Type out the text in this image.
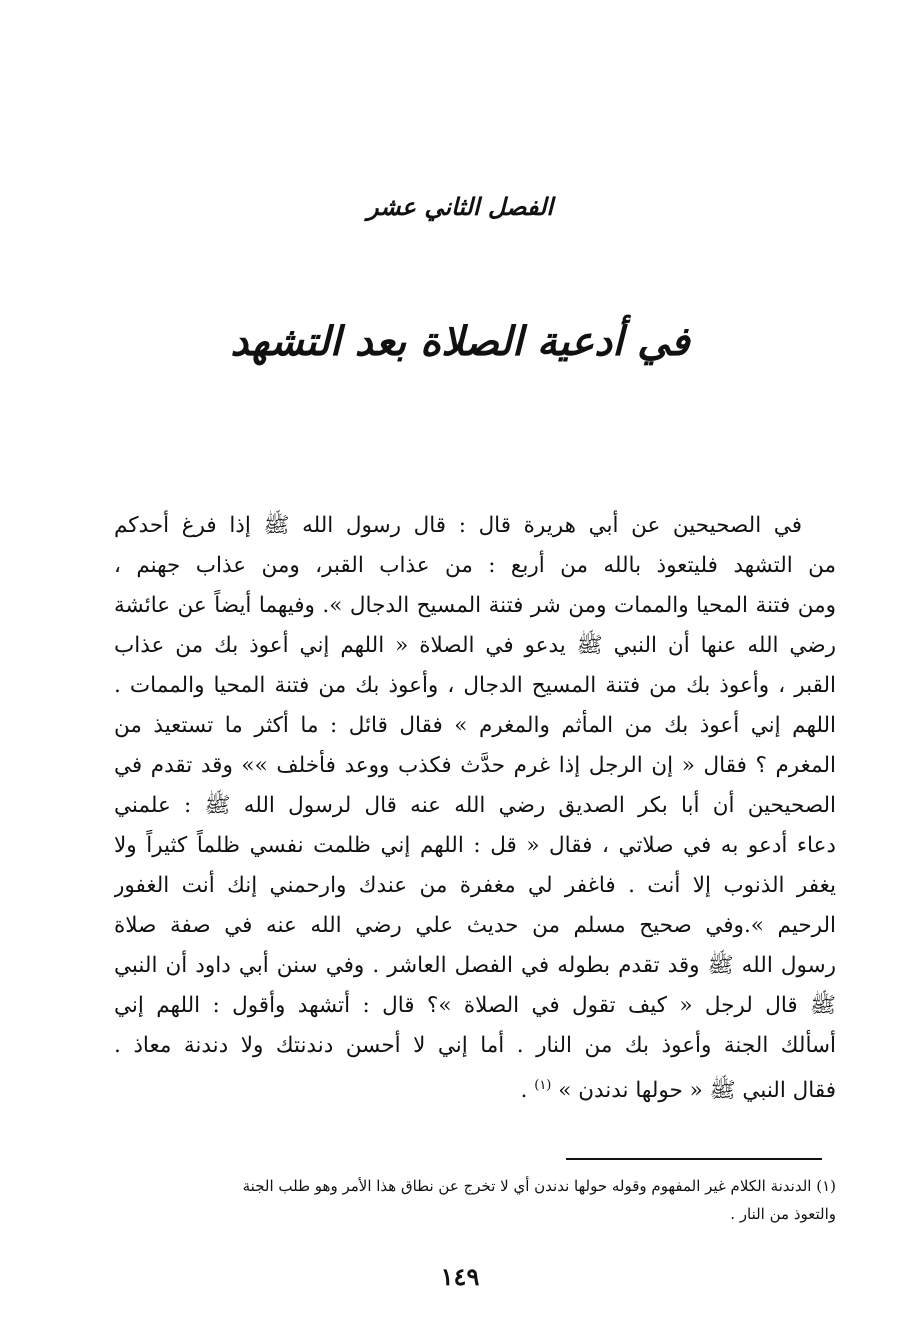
الفصل الثاني عشر
في أدعية الصلاة بعد التشهد
في الصحيحين عن أبي هريرة قال : قال رسول الله ﷺ إذا فرغ أحدكم
من التشهد فليتعوذ بالله من أربع : من عذاب القبر، ومن عذاب جهنم ،
ومن فتنة المحيا والممات ومن شر فتنة المسيح الدجال ». وفيهما أيضاً عن عائشة
رضي الله عنها أن النبي ﷺ يدعو في الصلاة « اللهم إني أعوذ بك من عذاب
القبر ، وأعوذ بك من فتنة المسيح الدجال ، وأعوذ بك من فتنة المحيا والممات .
اللهم إني أعوذ بك من المأثم والمغرم » فقال قائل : ما أكثر ما تستعيذ من
المغرم ؟ فقال « إن الرجل إذا غرم حدَّث فكذب ووعد فأخلف »» وقد تقدم في
الصحيحين أن أبا بكر الصديق رضي الله عنه قال لرسول الله ﷺ : علمني
دعاء أدعو به في صلاتي ، فقال « قل : اللهم إني ظلمت نفسي ظلماً كثيراً ولا
يغفر الذنوب إلا أنت . فاغفر لي مغفرة من عندك وارحمني إنك أنت الغفور
الرحيم ».وفي صحيح مسلم من حديث علي رضي الله عنه في صفة صلاة
رسول الله ﷺ وقد تقدم بطوله في الفصل العاشر . وفي سنن أبي داود أن النبي
ﷺ قال لرجل « كيف تقول في الصلاة »؟ قال : أتشهد وأقول : اللهم إني
أسألك الجنة وأعوذ بك من النار . أما إني لا أحسن دندنتك ولا دندنة معاذ .
فقال النبي ﷺ « حولها ندندن » $^{(١)}$ .
(١) الدندنة الكلام غير المفهوم وقوله حولها ندندن أي لا تخرج عن نطاق هذا الأمر وهو طلب الجنة
والتعوذ من النار .
١٤٩
